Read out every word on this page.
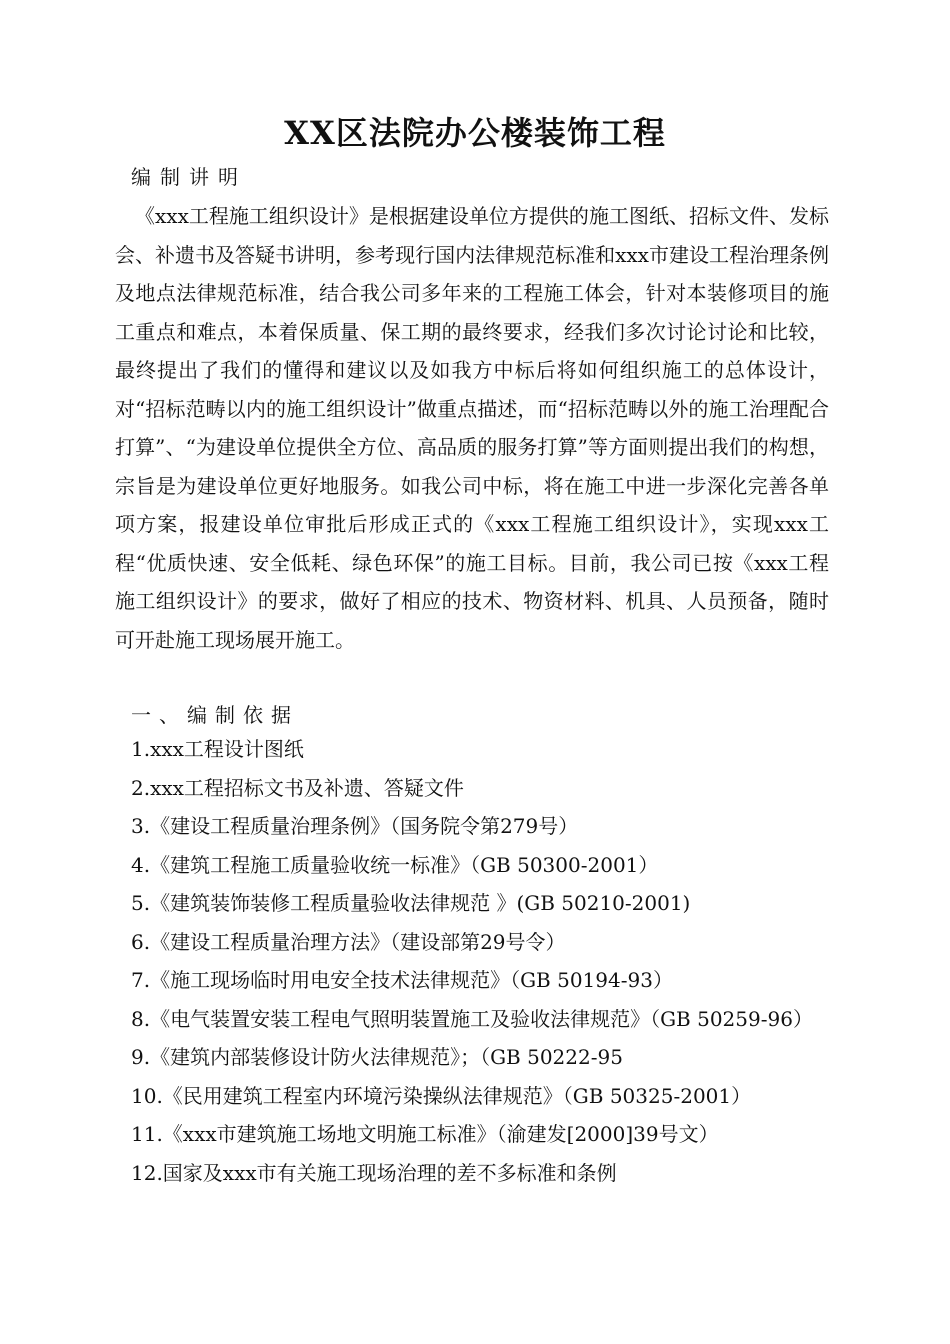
XX区法院办公楼装饰工程

编制讲明

《xxx工程施工组织设计》是根据建设单位方提供的施工图纸、招标文件、发标会、补遗书及答疑书讲明，参考现行国内法律规范标准和xxx市建设工程治理条例及地点法律规范标准，结合我公司多年来的工程施工体会，针对本装修项目的施工重点和难点，本着保质量、保工期的最终要求，经我们多次讨论讨论和比较，最终提出了我们的懂得和建议以及如我方中标后将如何组织施工的总体设计，对“招标范畴以内的施工组织设计”做重点描述，而“招标范畴以外的施工治理配合打算”、“为建设单位提供全方位、高品质的服务打算”等方面则提出我们的构想，宗旨是为建设单位更好地服务。如我公司中标，将在施工中进一步深化完善各单项方案，报建设单位审批后形成正式的《xxx工程施工组织设计》，实现xxx工程“优质快速、安全低耗、绿色环保”的施工目标。目前，我公司已按《xxx工程施工组织设计》的要求，做好了相应的技术、物资材料、机具、人员预备，随时可开赴施工现场展开施工。

一、编制依据

1.xxx工程设计图纸
2.xxx工程招标文书及补遗、答疑文件
3.《建设工程质量治理条例》（国务院令第279号）
4.《建筑工程施工质量验收统一标准》（GB 50300-2001）
5.《建筑装饰装修工程质量验收法律规范 》(GB 50210-2001)
6.《建设工程质量治理方法》（建设部第29号令）
7.《施工现场临时用电安全技术法律规范》（GB 50194-93）
8.《电气装置安装工程电气照明装置施工及验收法律规范》（GB 50259-96）
9.《建筑内部装修设计防火法律规范》；（GB 50222-95
10.《民用建筑工程室内环境污染操纵法律规范》（GB 50325-2001）
11.《xxx市建筑施工场地文明施工标准》（渝建发[2000]39号文）
12.国家及xxx市有关施工现场治理的差不多标准和条例
